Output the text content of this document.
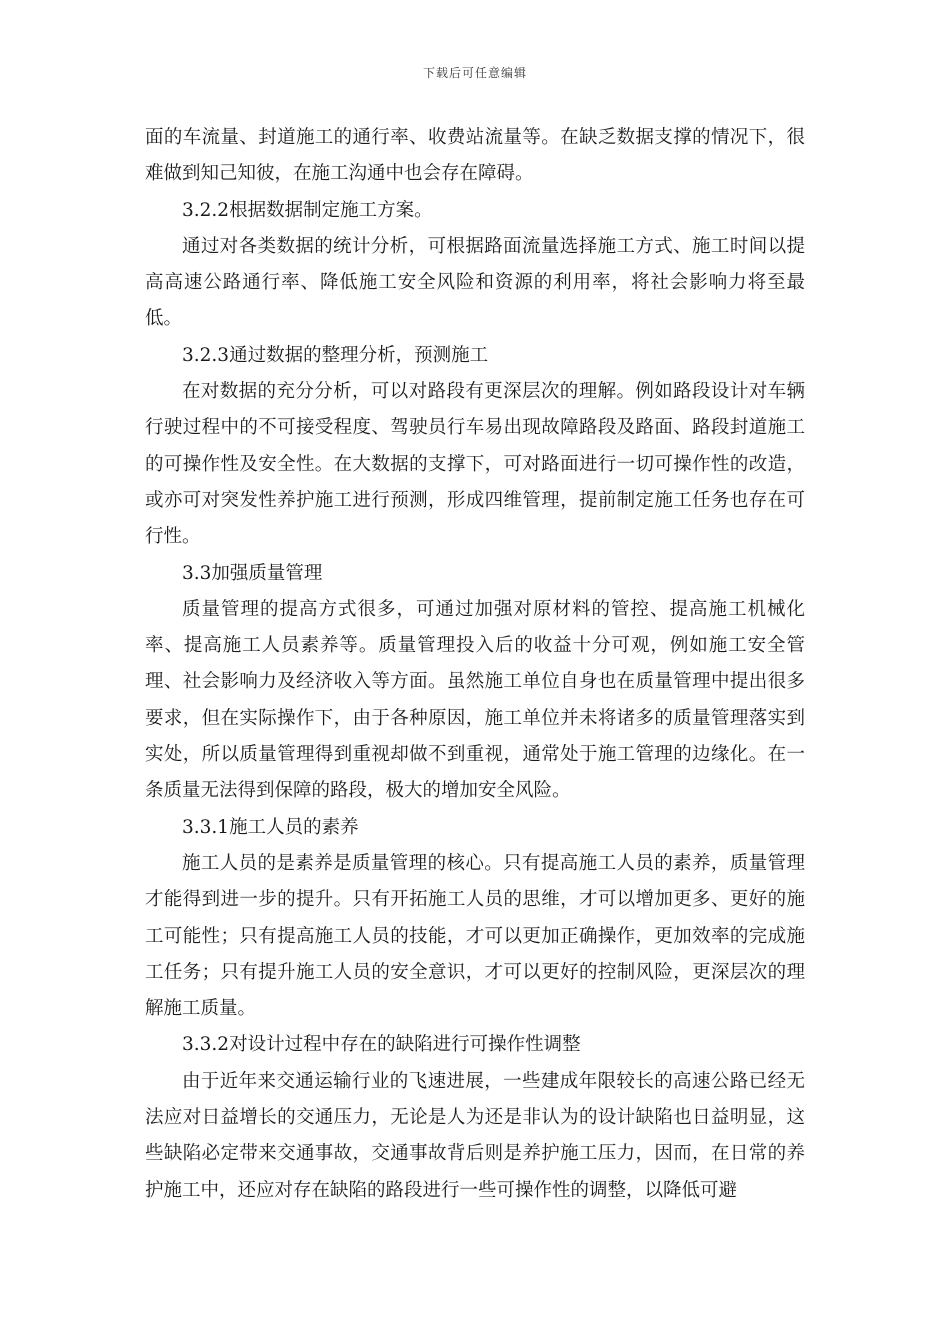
下载后可任意编辑

面的车流量、封道施工的通行率、收费站流量等。在缺乏数据支撑的情况下，很难做到知己知彼，在施工沟通中也会存在障碍。

3.2.2根据数据制定施工方案。

通过对各类数据的统计分析，可根据路面流量选择施工方式、施工时间以提高高速公路通行率、降低施工安全风险和资源的利用率，将社会影响力将至最低。

3.2.3通过数据的整理分析，预测施工

在对数据的充分分析，可以对路段有更深层次的理解。例如路段设计对车辆行驶过程中的不可接受程度、驾驶员行车易出现故障路段及路面、路段封道施工的可操作性及安全性。在大数据的支撑下，可对路面进行一切可操作性的改造，或亦可对突发性养护施工进行预测，形成四维管理，提前制定施工任务也存在可行性。

3.3加强质量管理

质量管理的提高方式很多，可通过加强对原材料的管控、提高施工机械化率、提高施工人员素养等。质量管理投入后的收益十分可观，例如施工安全管理、社会影响力及经济收入等方面。虽然施工单位自身也在质量管理中提出很多要求，但在实际操作下，由于各种原因，施工单位并未将诸多的质量管理落实到实处，所以质量管理得到重视却做不到重视，通常处于施工管理的边缘化。在一条质量无法得到保障的路段，极大的增加安全风险。

3.3.1施工人员的素养

施工人员的是素养是质量管理的核心。只有提高施工人员的素养，质量管理才能得到进一步的提升。只有开拓施工人员的思维，才可以增加更多、更好的施工可能性；只有提高施工人员的技能，才可以更加正确操作，更加效率的完成施工任务；只有提升施工人员的安全意识，才可以更好的控制风险，更深层次的理解施工质量。

3.3.2对设计过程中存在的缺陷进行可操作性调整

由于近年来交通运输行业的飞速进展，一些建成年限较长的高速公路已经无法应对日益增长的交通压力，无论是人为还是非认为的设计缺陷也日益明显，这些缺陷必定带来交通事故，交通事故背后则是养护施工压力，因而，在日常的养护施工中，还应对存在缺陷的路段进行一些可操作性的调整，以降低可避
